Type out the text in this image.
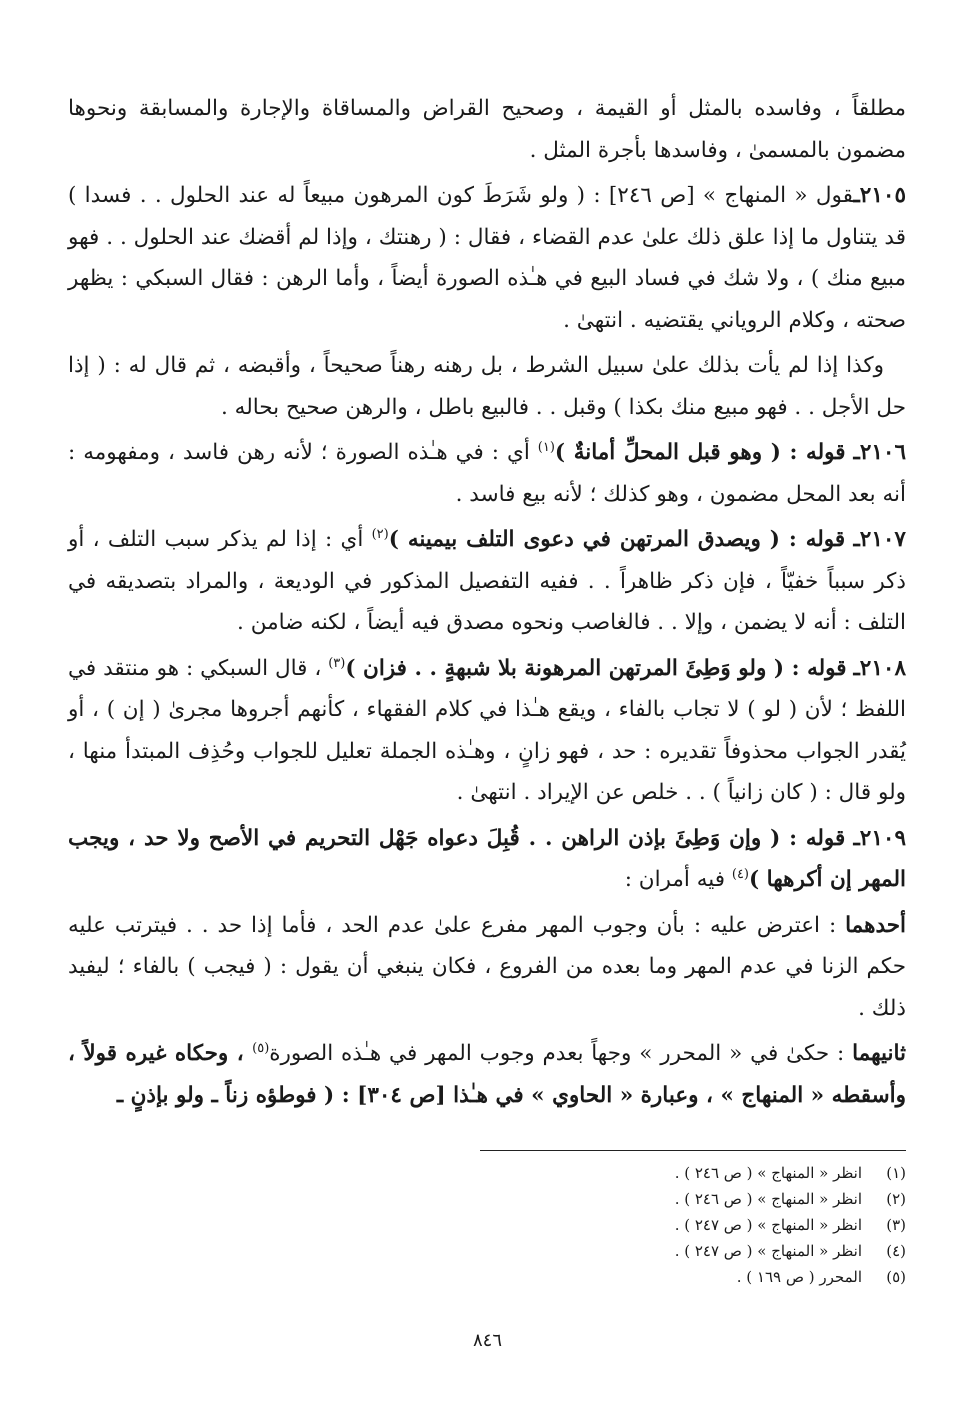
مطلقاً ، وفاسده بالمثل أو القيمة ، وصحيح القراض والمساقاة والإجارة والمسابقة ونحوها مضمون بالمسمىٰ ، وفاسدها بأجرة المثل .

٢١٠٥ـقول « المنهاج » [ص ٢٤٦] : ( ولو شَرَطَ كون المرهون مبيعاً له عند الحلول . . فسدا ) قد يتناول ما إذا علق ذلك علىٰ عدم القضاء ، فقال : ( رهنتك ، وإذا لم أقضك عند الحلول . . فهو مبيع منك ) ، ولا شك في فساد البيع في هـٰذه الصورة أيضاً ، وأما الرهن : فقال السبكي : يظهر صحته ، وكلام الروياني يقتضيه . انتهىٰ .

وكذا إذا لم يأت بذلك علىٰ سبيل الشرط ، بل رهنه رهناً صحيحاً ، وأقبضه ، ثم قال له : ( إذا حل الأجل . . فهو مبيع منك بكذا ) وقبل . . فالبيع باطل ، والرهن صحيح بحاله .

٢١٠٦ـ قوله : ( وهو قبل المحلِّ أمانةٌ )$^{(١)}$ أي : في هـٰذه الصورة ؛ لأنه رهن فاسد ، ومفهومه : أنه بعد المحل مضمون ، وهو كذلك ؛ لأنه بيع فاسد .

٢١٠٧ـ قوله : ( ويصدق المرتهن في دعوى التلف بيمينه )$^{(٢)}$ أي : إذا لم يذكر سبب التلف ، أو ذكر سبباً خفيّاً ، فإن ذكر ظاهراً . . ففيه التفصيل المذكور في الوديعة ، والمراد بتصديقه في التلف : أنه لا يضمن ، وإلا . . فالغاصب ونحوه مصدق فيه أيضاً ، لكنه ضامن .

٢١٠٨ـ قوله : ( ولو وَطِئَ المرتهن المرهونة بلا شبهةٍ . . فزان )$^{(٣)}$ ، قال السبكي : هو منتقد في اللفظ ؛ لأن ( لو ) لا تجاب بالفاء ، ويقع هـٰذا في كلام الفقهاء ، كأنهم أجروها مجرىٰ ( إن ) ، أو يُقدر الجواب محذوفاً تقديره : حد ، فهو زانٍ ، وهـٰذه الجملة تعليل للجواب وحُذِف المبتدأ منها ، ولو قال : ( كان زانياً ) . . خلص عن الإيراد . انتهىٰ .

٢١٠٩ـ قوله : ( وإن وَطِئَ بإذن الراهن . . قُبِلَ دعواه جَهْل التحريم في الأصح ولا حد ، ويجب المهر إن أكرهها )$^{(٤)}$ فيه أمران :

أحدهما : اعترض عليه : بأن وجوب المهر مفرع علىٰ عدم الحد ، فأما إذا حد . . فيترتب عليه حكم الزنا في عدم المهر وما بعده من الفروع ، فكان ينبغي أن يقول : ( فيجب ) بالفاء ؛ ليفيد ذلك .

ثانيهما : حكىٰ في « المحرر » وجهاً بعدم وجوب المهر في هـٰذه الصورة$^{(٥)}$ ، وحكاه غيره قولاً ، وأسقطه « المنهاج » ، وعبارة « الحاوي » في هـٰذا [ص ٣٠٤] : ( فوطؤه زناً ـ ولو بإذنٍ ـ

(١)
انظر « المنهاج » ( ص ٢٤٦ ) .
(٢)
انظر « المنهاج » ( ص ٢٤٦ ) .
(٣)
انظر « المنهاج » ( ص ٢٤٧ ) .
(٤)
انظر « المنهاج » ( ص ٢٤٧ ) .
(٥)
المحرر ( ص ١٦٩ ) .
٨٤٦
